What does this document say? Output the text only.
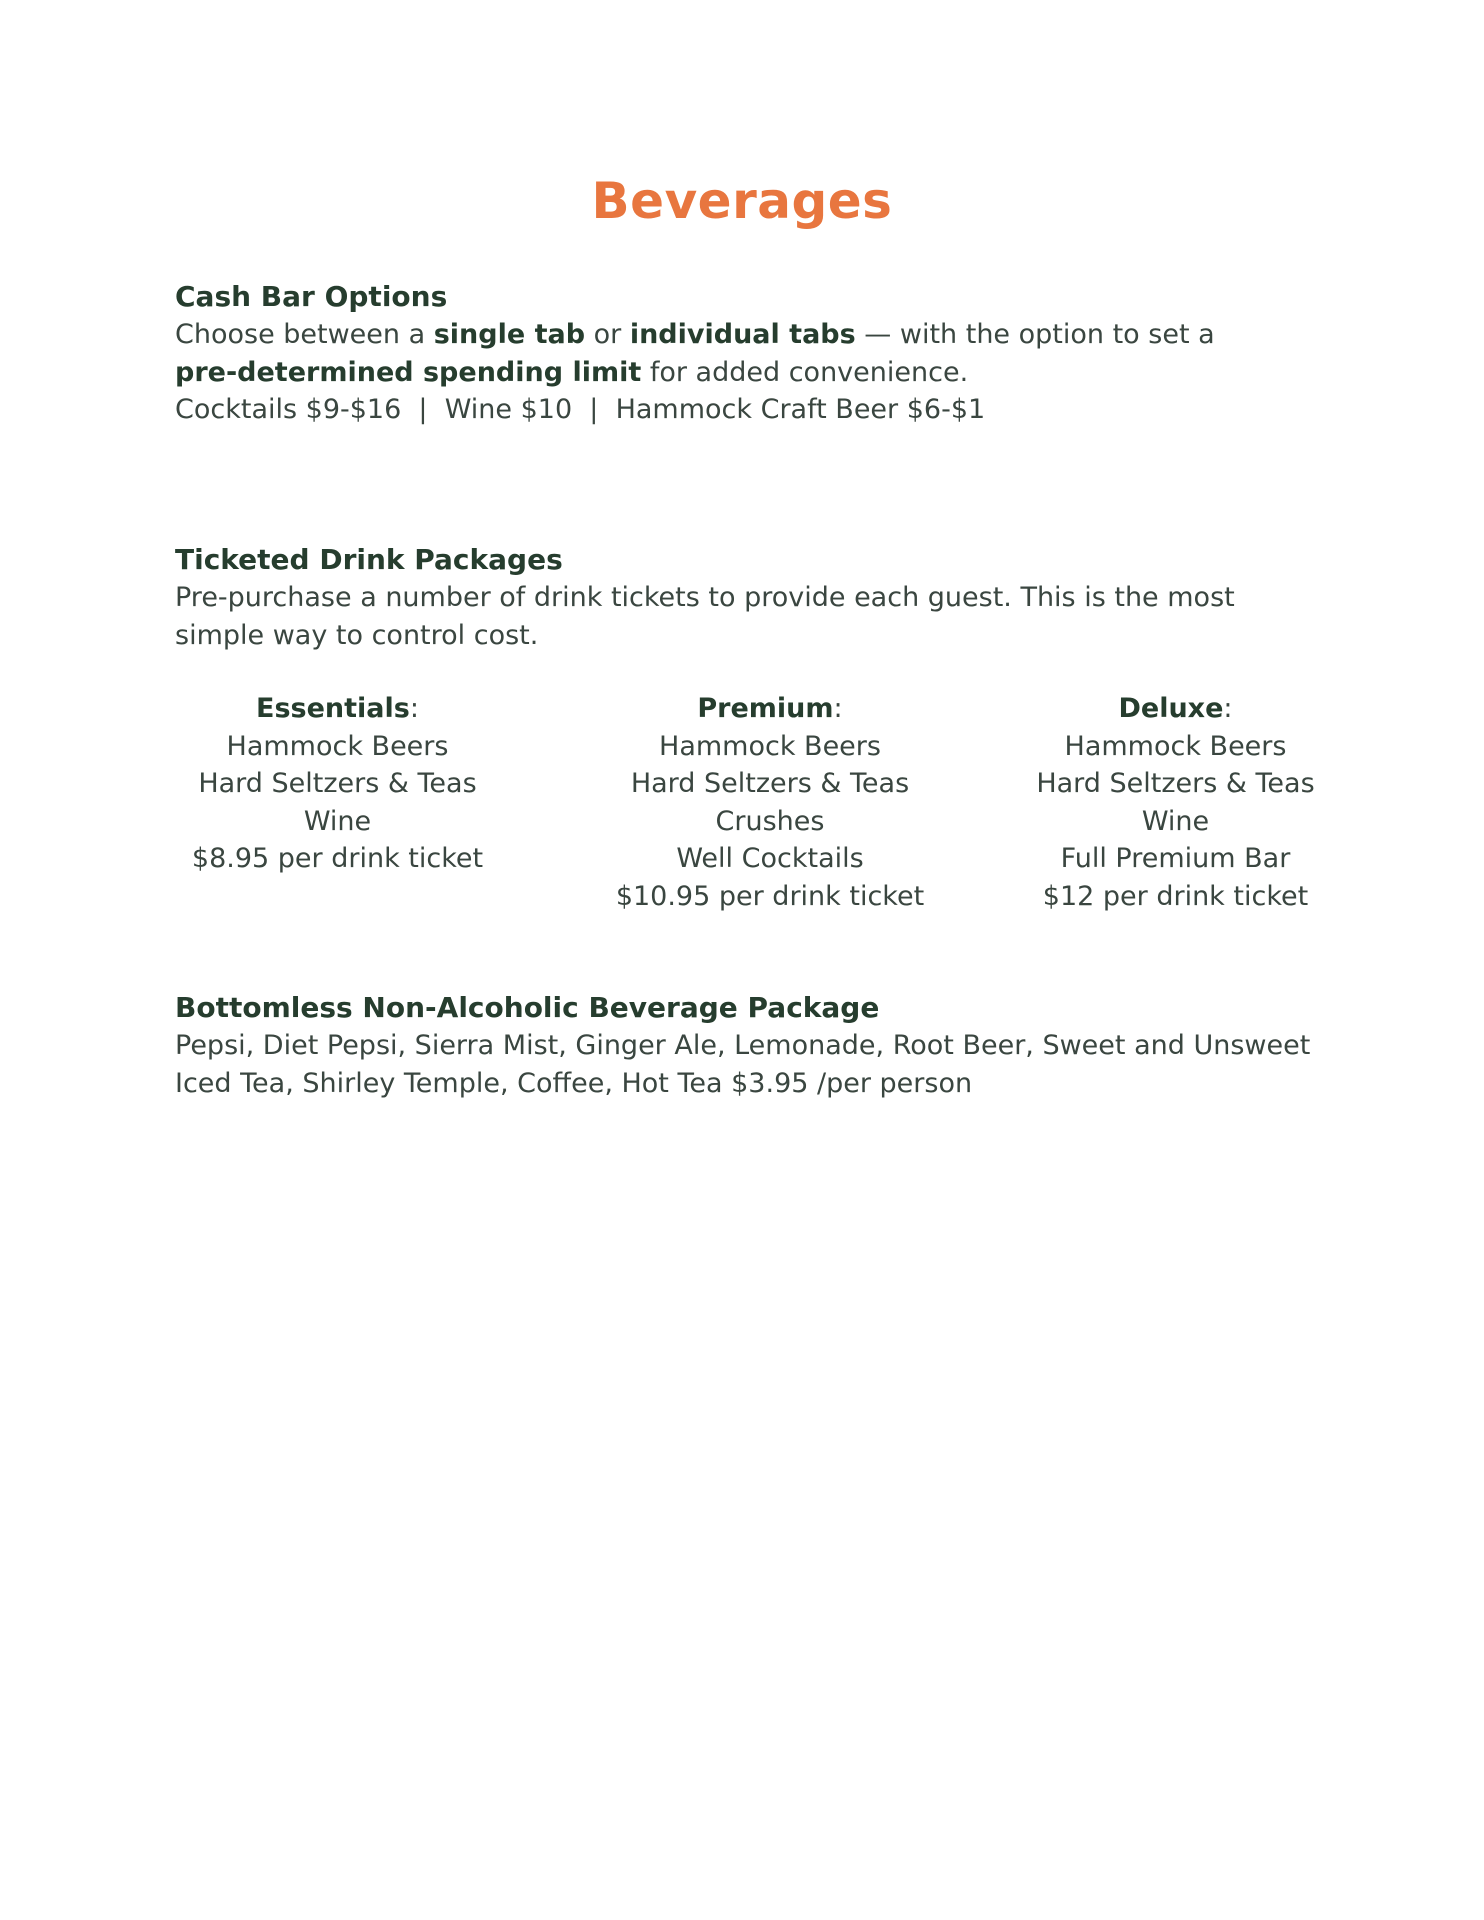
Beverages
Cash Bar Options

Choose between a single tab or individual tabs — with the option to set a

pre-determined spending limit for added convenience.

Cocktails $9-$16  |  Wine $10  |  Hammock Craft Beer $6-$1

Ticketed Drink Packages

Pre-purchase a number of drink tickets to provide each guest. This is the most

simple way to control cost.

Essentials:
Hammock Beers
Hard Seltzers & Teas
Wine
$8.95 per drink ticket
Premium:
Hammock Beers
Hard Seltzers & Teas
Crushes
Well Cocktails
$10.95 per drink ticket
Deluxe:
Hammock Beers
Hard Seltzers & Teas
Wine
Full Premium Bar
$12 per drink ticket
Bottomless Non-Alcoholic Beverage Package

Pepsi, Diet Pepsi, Sierra Mist, Ginger Ale, Lemonade, Root Beer, Sweet and Unsweet

Iced Tea, Shirley Temple, Coffee, Hot Tea $3.95 /per person
